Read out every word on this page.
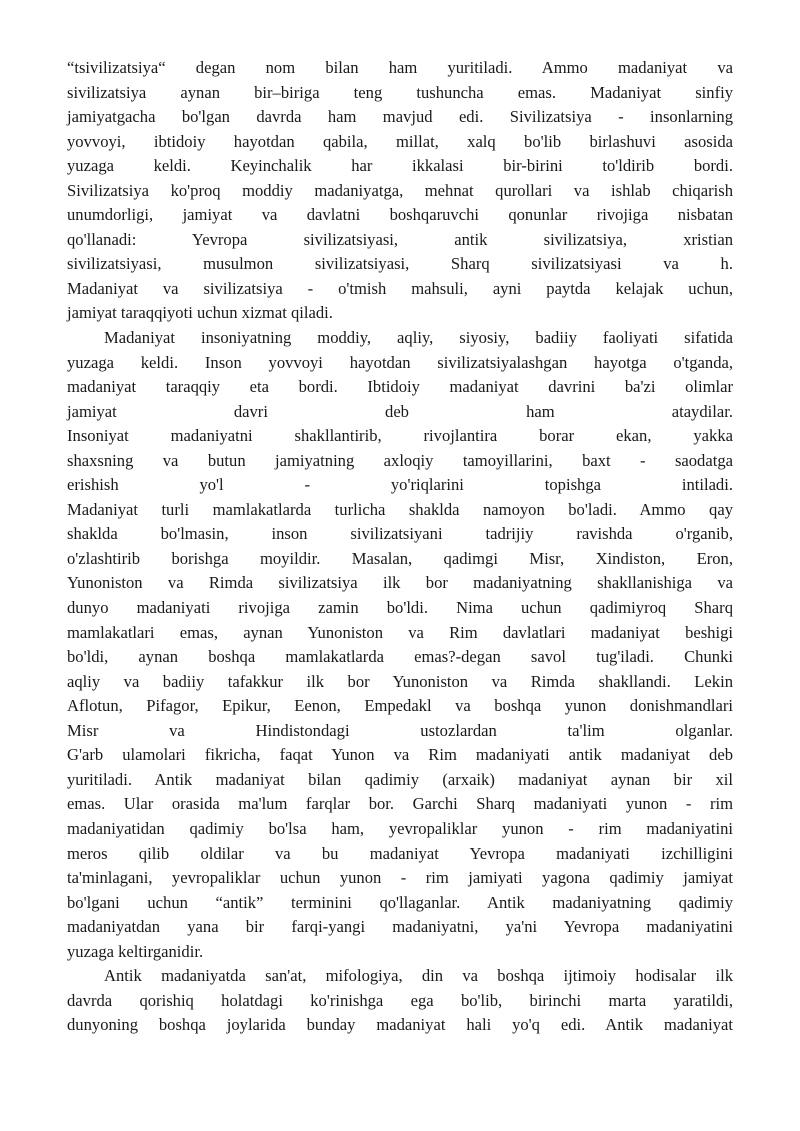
“tsivilizatsiya“ degan nom bilan ham yuritiladi. Ammo madaniyat va
sivilizatsiya aynan bir–biriga teng tushuncha emas. Madaniyat sinfiy
jamiyatgacha bo'lgan davrda ham mavjud edi. Sivilizatsiya - insonlarning
yovvoyi, ibtidoiy hayotdan qabila, millat, xalq bo'lib birlashuvi asosida
yuzaga keldi. Keyinchalik har ikkalasi bir-birini to'ldirib bordi.
Sivilizatsiya ko'proq moddiy madaniyatga, mehnat qurollari va ishlab chiqarish
unumdorligi, jamiyat va davlatni boshqaruvchi qonunlar rivojiga nisbatan
qo'llanadi: Yevropa sivilizatsiyasi, antik sivilizatsiya, xristian
sivilizatsiyasi, musulmon sivilizatsiyasi, Sharq sivilizatsiyasi va h.
Madaniyat va sivilizatsiya - o'tmish mahsuli, ayni paytda kelajak uchun,
jamiyat taraqqiyoti uchun xizmat qiladi.
Madaniyat insoniyatning moddiy, aqliy, siyosiy, badiiy faoliyati sifatida
yuzaga keldi. Inson yovvoyi hayotdan sivilizatsiyalashgan hayotga o'tganda,
madaniyat taraqqiy eta bordi. Ibtidoiy madaniyat davrini ba'zi olimlar
jamiyat davri deb ham ataydilar.
Insoniyat madaniyatni shakllantirib, rivojlantira borar ekan, yakka
shaxsning va butun jamiyatning axloqiy tamoyillarini, baxt - saodatga
erishish yo'l - yo'riqlarini topishga intiladi.
Madaniyat turli mamlakatlarda turlicha shaklda namoyon bo'ladi. Ammo qay
shaklda bo'lmasin, inson sivilizatsiyani tadrijiy ravishda o'rganib,
o'zlashtirib borishga moyildir. Masalan, qadimgi Misr, Xindiston, Eron,
Yunoniston va Rimda sivilizatsiya ilk bor madaniyatning shakllanishiga va
dunyo madaniyati rivojiga zamin bo'ldi. Nima uchun qadimiyroq Sharq
mamlakatlari emas, aynan Yunoniston va Rim davlatlari madaniyat beshigi
bo'ldi, aynan boshqa mamlakatlarda emas?-degan savol tug'iladi. Chunki
aqliy va badiiy tafakkur ilk bor Yunoniston va Rimda shakllandi. Lekin
Aflotun, Pifagor, Epikur, Eenon, Empedakl va boshqa yunon donishmandlari
Misr va Hindistondagi ustozlardan ta'lim olganlar.
G'arb ulamolari fikricha, faqat Yunon va Rim madaniyati antik madaniyat deb
yuritiladi. Antik madaniyat bilan qadimiy (arxaik) madaniyat aynan bir xil
emas. Ular orasida ma'lum farqlar bor. Garchi Sharq madaniyati yunon - rim
madaniyatidan qadimiy bo'lsa ham, yevropaliklar yunon - rim madaniyatini
meros qilib oldilar va bu madaniyat Yevropa madaniyati izchilligini
ta'minlagani, yevropaliklar uchun yunon - rim jamiyati yagona qadimiy jamiyat
bo'lgani uchun “antik” terminini qo'llaganlar. Antik madaniyatning qadimiy
madaniyatdan yana bir farqi-yangi madaniyatni, ya'ni Yevropa madaniyatini
yuzaga keltirganidir.
Antik madaniyatda san'at, mifologiya, din va boshqa ijtimoiy hodisalar ilk
davrda qorishiq holatdagi ko'rinishga ega bo'lib, birinchi marta yaratildi,
dunyoning boshqa joylarida bunday madaniyat hali yo'q edi. Antik madaniyat
